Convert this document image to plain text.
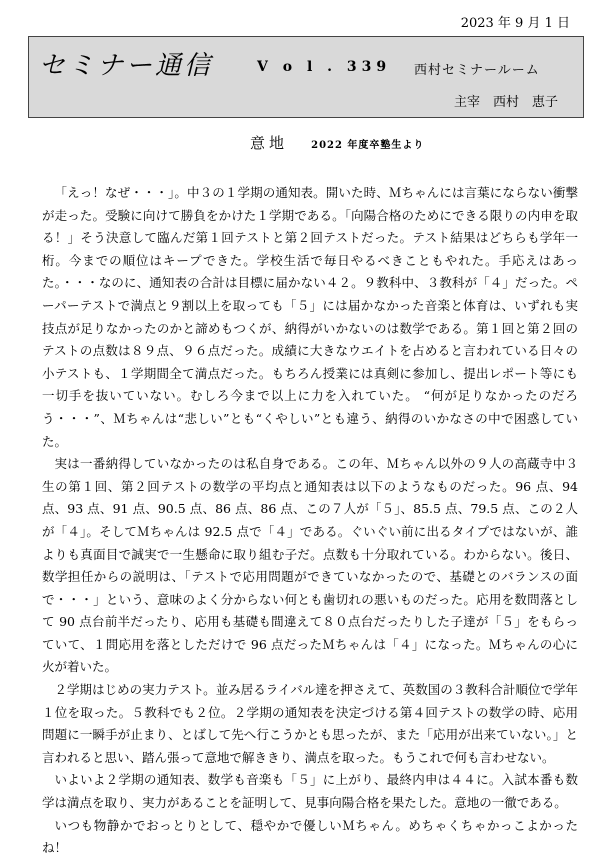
2023 年 9 月 1 日
セミナー通信	V o l . 339 西村セミナールーム
主宰　西村　恵子
意地 2022 年度卒塾生より

「えっ！なぜ・・・」。中３の１学期の通知表。開いた時、Ｍちゃんには言葉にならない衝撃が走った。受験に向けて勝負をかけた１学期である。「向陽合格のためにできる限りの内申を取る！」そう決意して臨んだ第１回テストと第２回テストだった。テスト結果はどちらも学年一桁。今までの順位はキープできた。学校生活で毎日やるべきこともやれた。手応えはあった。・・・なのに、通知表の合計は目標に届かない４２。９教科中、３教科が「４」だった。ペーパーテストで満点と９割以上を取っても「５」には届かなかった音楽と体育は、いずれも実技点が足りなかったのかと諦めもつくが、納得がいかないのは数学である。第１回と第２回のテストの点数は８９点、９６点だった。成績に大きなウエイトを占めると言われている日々の小テストも、１学期間全て満点だった。もちろん授業には真剣に参加し、提出レポート等にも一切手を抜いていない。むしろ今まで以上に力を入れていた。 “何が足りなかったのだろう・・・”、Ｍちゃんは“悲しい”とも“くやしい”とも違う、納得のいかなさの中で困惑していた。

実は一番納得していなかったのは私自身である。この年、Ｍちゃん以外の９人の高蔵寺中３生の第１回、第２回テストの数学の平均点と通知表は以下のようなものだった。96 点、94 点、93 点、91 点、90.5 点、86 点、86 点、この７人が「５」、85.5 点、79.5 点、この２人が「４」。そしてＭちゃんは 92.5 点で「４」である。ぐいぐい前に出るタイプではないが、誰よりも真面目で誠実で一生懸命に取り組む子だ。点数も十分取れている。わからない。後日、数学担任からの説明は、「テストで応用問題ができていなかったので、基礎とのバランスの面で・・・」という、意味のよく分からない何とも歯切れの悪いものだった。応用を数問落として 90 点台前半だったり、応用も基礎も間違えて８０点台だったりした子達が「５」をもらっていて、１問応用を落としただけで 96 点だったＭちゃんは「４」になった。Ｍちゃんの心に火が着いた。

２学期はじめの実力テスト。並み居るライバル達を押さえて、英数国の３教科合計順位で学年１位を取った。５教科でも２位。２学期の通知表を決定づける第４回テストの数学の時、応用問題に一瞬手が止まり、とばして先へ行こうかとも思ったが、また「応用が出来ていない。」と言われると思い、踏ん張って意地で解ききり、満点を取った。もうこれで何も言わせない。

いよいよ２学期の通知表、数学も音楽も「５」に上がり、最終内申は４４に。入試本番も数学は満点を取り、実力があることを証明して、見事向陽合格を果たした。意地の一徹である。

いつも物静かでおっとりとして、穏やかで優しいＭちゃん。めちゃくちゃかっこよかったね！
